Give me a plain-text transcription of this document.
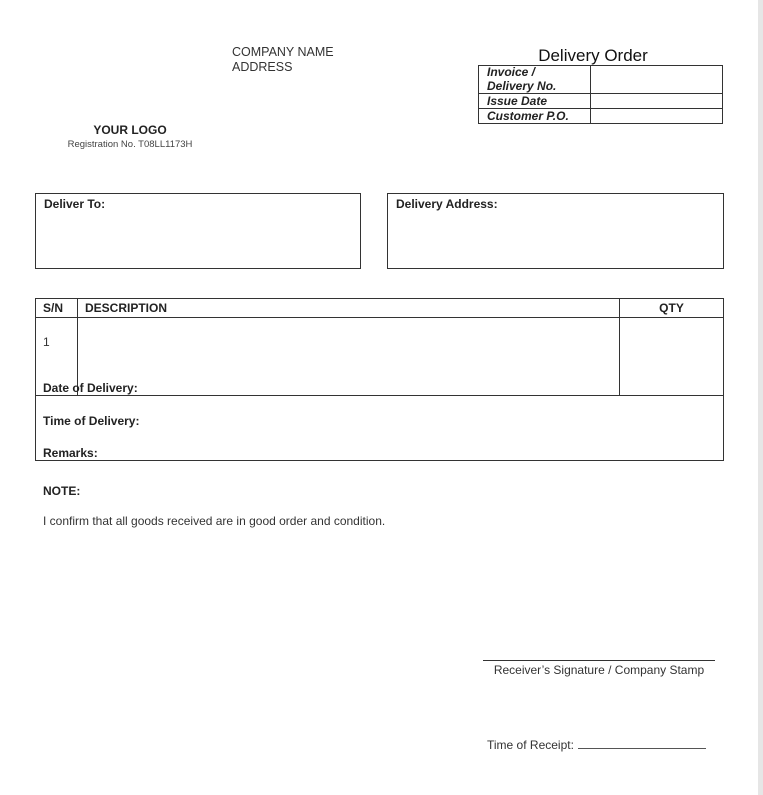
COMPANY NAME
ADDRESS
Delivery Order
Invoice / Delivery No.	
Issue Date	
Customer P.O.	
YOUR LOGO
Registration No. T08LL1173H
Deliver To:	Delivery Address:
S/N	DESCRIPTION	QTY
1		
Date of Delivery:
Time of Delivery:
Remarks:
NOTE:
I confirm that all goods received are in good order and condition.
Receiver’s Signature / Company Stamp
Time of Receipt:
